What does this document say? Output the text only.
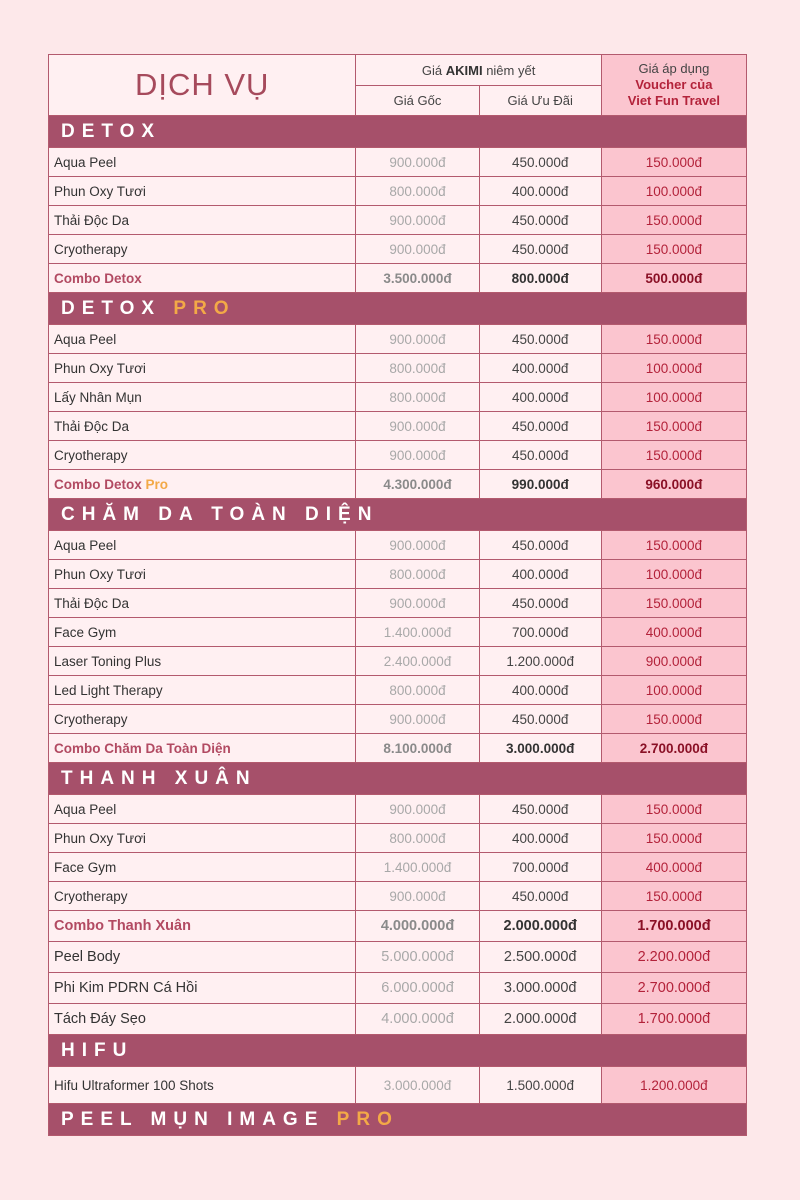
DỊCH VỤ	Giá AKIMI niêm yết		Giá áp dụng
Voucher của
Viet Fun Travel

	Giá Gốc	Giá Ưu Đãi	
DETOX			
Aqua Peel	900.000đ	450.000đ	150.000đ
Phun Oxy Tươi	800.000đ	400.000đ	100.000đ
Thải Độc Da	900.000đ	450.000đ	150.000đ
Cryotherapy	900.000đ	450.000đ	150.000đ
Combo Detox	3.500.000đ	800.000đ	500.000đ
DETOX PRO			
Aqua Peel	900.000đ	450.000đ	150.000đ
Phun Oxy Tươi	800.000đ	400.000đ	100.000đ
Lấy Nhân Mụn	800.000đ	400.000đ	100.000đ
Thải Độc Da	900.000đ	450.000đ	150.000đ
Cryotherapy	900.000đ	450.000đ	150.000đ
Combo Detox Pro	4.300.000đ	990.000đ	960.000đ
CHĂM DA TOÀN DIỆN			
Aqua Peel	900.000đ	450.000đ	150.000đ
Phun Oxy Tươi	800.000đ	400.000đ	100.000đ
Thải Độc Da	900.000đ	450.000đ	150.000đ
Face Gym	1.400.000đ	700.000đ	400.000đ
Laser Toning Plus	2.400.000đ	1.200.000đ	900.000đ
Led Light Therapy	800.000đ	400.000đ	100.000đ
Cryotherapy	900.000đ	450.000đ	150.000đ
Combo Chăm Da Toàn Diện	8.100.000đ	3.000.000đ	2.700.000đ
THANH XUÂN			
Aqua Peel	900.000đ	450.000đ	150.000đ
Phun Oxy Tươi	800.000đ	400.000đ	150.000đ
Face Gym	1.400.000đ	700.000đ	400.000đ
Cryotherapy	900.000đ	450.000đ	150.000đ
Combo Thanh Xuân	4.000.000đ	2.000.000đ	1.700.000đ
Peel Body	5.000.000đ	2.500.000đ	2.200.000đ
Phi Kim PDRN Cá Hồi	6.000.000đ	3.000.000đ	2.700.000đ
Tách Đáy Sẹo	4.000.000đ	2.000.000đ	1.700.000đ
HIFU			
Hifu Ultraformer 100 Shots	3.000.000đ	1.500.000đ	1.200.000đ
PEEL MỤN IMAGE PRO			
